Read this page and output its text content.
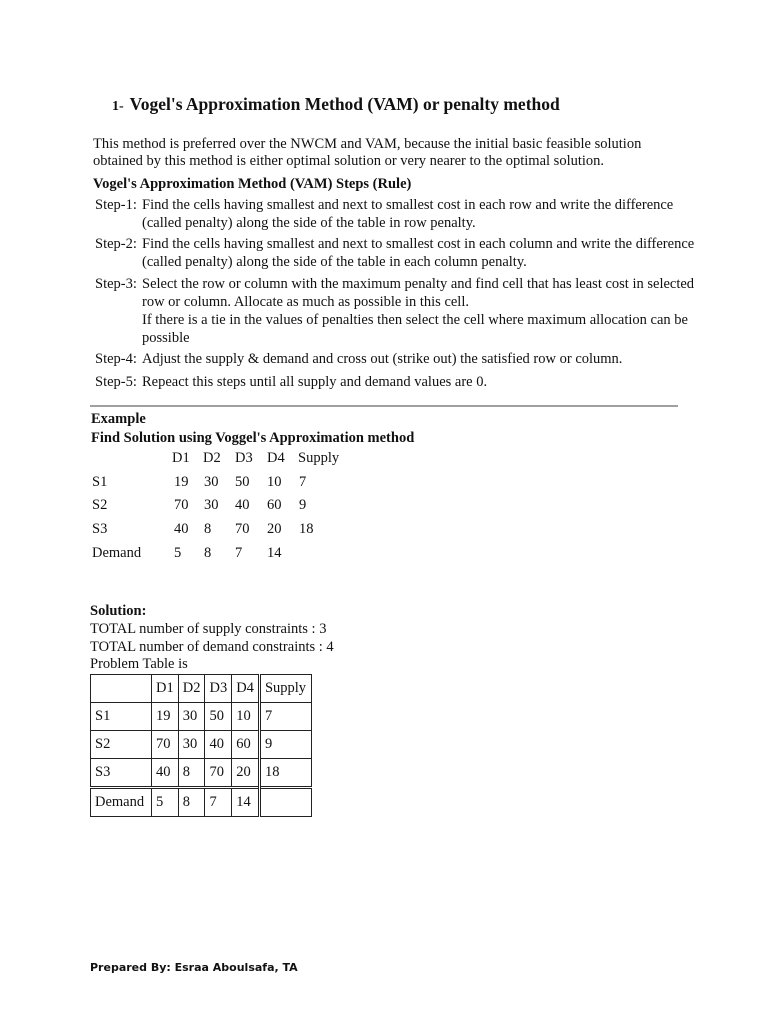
1- Vogel's Approximation Method (VAM) or penalty method
This method is preferred over the NWCM and VAM, because the initial basic feasible solution obtained by this method is either optimal solution or very nearer to the optimal solution.
Vogel's Approximation Method (VAM) Steps (Rule)
Step-1: Find the cells having smallest and next to smallest cost in each row and write the difference (called penalty) along the side of the table in row penalty.
Step-2: Find the cells having smallest and next to smallest cost in each column and write the difference (called penalty) along the side of the table in each column penalty.
Step-3: Select the row or column with the maximum penalty and find cell that has least cost in selected row or column. Allocate as much as possible in this cell.
If there is a tie in the values of penalties then select the cell where maximum allocation can be possible
Step-4: Adjust the supply & demand and cross out (strike out) the satisfied row or column.
Step-5: Repeact this steps until all supply and demand values are 0.
Example
Find Solution using Voggel's Approximation method
D1 D2 D3 D4 Supply
S1	19 30 50 10 7
S2	70 30 40 60 9
S3	40 8 70 20 18
Demand 5 8 7 14
Solution:
TOTAL number of supply constraints : 3
TOTAL number of demand constraints : 4
Problem Table is
	D1	D2	D3	D4	Supply
S1	19	30	50	10	7
S2	70	30	40	60	9
S3	40	8	70	20	18
Demand	5	8	7	14	
Prepared By: Esraa Aboulsafa, TA
